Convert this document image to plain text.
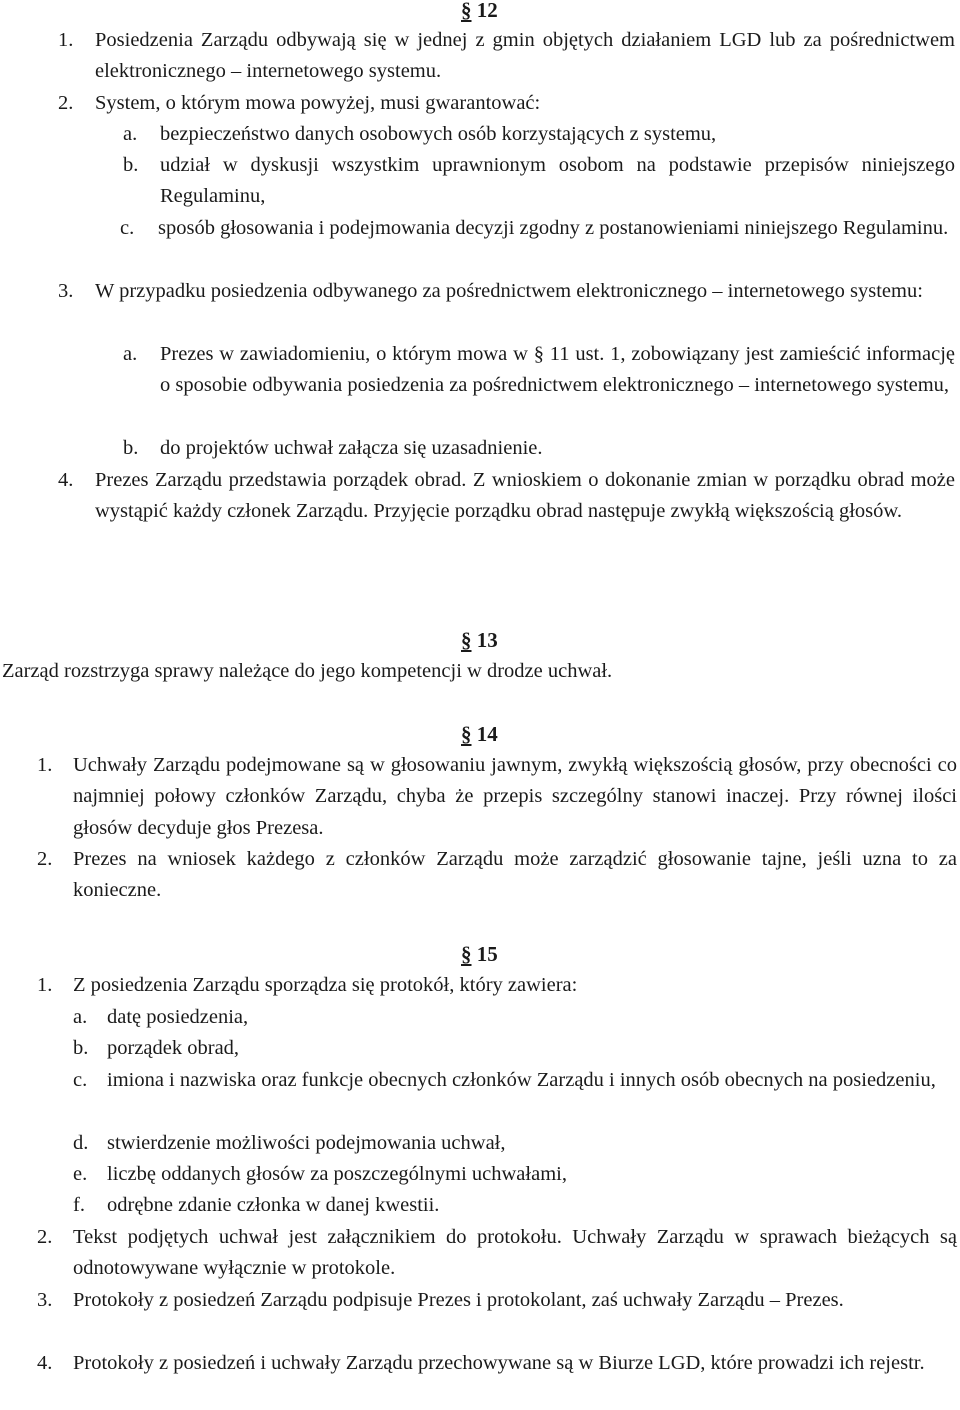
§ 12
1. Posiedzenia Zarządu odbywają się w jednej z gmin objętych działaniem LGD lub za pośrednictwem elektronicznego – internetowego systemu.
2. System, o którym mowa powyżej, musi gwarantować:
a. bezpieczeństwo danych osobowych osób korzystających z systemu,
b. udział w dyskusji wszystkim uprawnionym osobom na podstawie przepisów niniejszego Regulaminu,
c.	sposób głosowania i podejmowania decyzji zgodny z postanowieniami niniejszego Regulaminu.
3. W przypadku posiedzenia odbywanego za pośrednictwem elektronicznego – internetowego systemu:
a. Prezes w zawiadomieniu, o którym mowa w § 11 ust. 1, zobowiązany jest zamieścić informację o sposobie odbywania posiedzenia za pośrednictwem elektronicznego – internetowego systemu,
b. do projektów uchwał załącza się uzasadnienie.
4. Prezes Zarządu przedstawia porządek obrad. Z wnioskiem o dokonanie zmian w porządku obrad może wystąpić każdy członek Zarządu. Przyjęcie porządku obrad następuje zwykłą większością głosów.
§ 13
Zarząd rozstrzyga sprawy należące do jego kompetencji w drodze uchwał.
§ 14
1. Uchwały Zarządu podejmowane są w głosowaniu jawnym, zwykłą większością głosów, przy obecności co najmniej połowy członków Zarządu, chyba że przepis szczególny stanowi inaczej. Przy równej ilości głosów decyduje głos Prezesa.
2. Prezes na wniosek każdego z członków Zarządu może zarządzić głosowanie tajne, jeśli uzna to za konieczne.
§ 15
1. Z posiedzenia Zarządu sporządza się protokół, który zawiera:
a. datę posiedzenia,
b. porządek obrad,
c. imiona i nazwiska oraz funkcje obecnych członków Zarządu i innych osób obecnych na posiedzeniu,
d. stwierdzenie możliwości podejmowania uchwał,
e. liczbę oddanych głosów za poszczególnymi uchwałami,
f. odrębne zdanie członka w danej kwestii.
2. Tekst podjętych uchwał jest załącznikiem do protokołu. Uchwały Zarządu w sprawach bieżących są odnotowywane wyłącznie w protokole.
3. Protokoły z posiedzeń Zarządu podpisuje Prezes i protokolant, zaś uchwały Zarządu – Prezes.
4. Protokoły z posiedzeń i uchwały Zarządu przechowywane są w Biurze LGD, które prowadzi ich rejestr.
